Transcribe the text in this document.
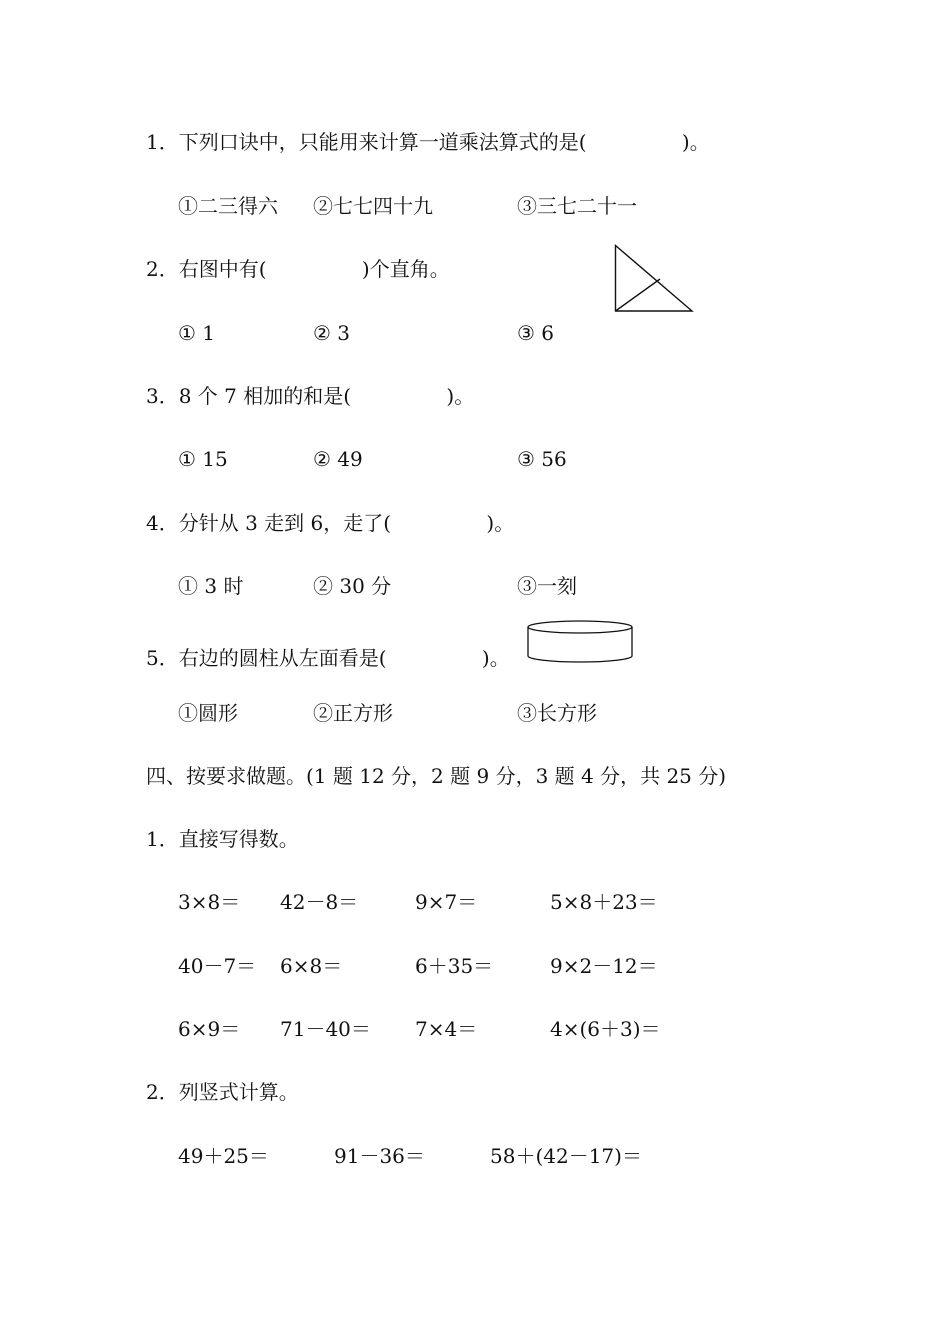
1．下列口诀中，只能用来计算一道乘法算式的是(               )。
①二三得六 ②七七四十九	③三七二十一
2．右图中有(               )个直角。
① 1	② 3	③ 6
3．8 个 7 相加的和是(               )。
① 15	② 49	③ 56
4．分针从 3 走到 6，走了(               )。
① 3 时	② 30 分	③一刻
5．右边的圆柱从左面看是(               )。
①圆形	②正方形	③长方形
四、按要求做题。(1 题 12 分，2 题 9 分，3 题 4 分，共 25 分)
1．直接写得数。
3×8＝ 42－8＝	9×7＝	5×8＋23＝
40－7＝ 6×8＝	6＋35＝	9×2－12＝
6×9＝ 71－40＝ 7×4＝	4×(6＋3)＝
2．列竖式计算。
49＋25＝	91－36＝	58＋(42－17)＝
